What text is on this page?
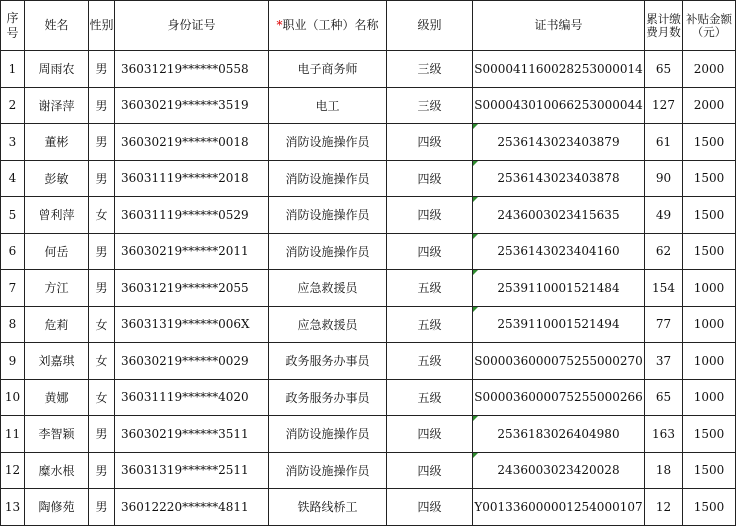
序号	姓名	性别	身份证号	*职业（工种）名称	级别	证书编号	累计缴费月数	补贴金额（元）
1	周雨农	男	36031219******0558	电子商务师	三级	S000041160028253000014	65	2000
2	谢泽萍	男	36030219******3519	电工	三级	S000043010066253000044	127	2000
3	董彬	男	36030219******0018	消防设施操作员	四级	2536143023403879	61	1500
4	彭敏	男	36031119******2018	消防设施操作员	四级	2536143023403878	90	1500
5	曾利萍	女	36031119******0529	消防设施操作员	四级	2436003023415635	49	1500
6	何岳	男	36030219******2011	消防设施操作员	四级	2536143023404160	62	1500
7	方江	男	36031219******2055	应急救援员	五级	2539110001521484	154	1000
8	危莉	女	36031319******006X	应急救援员	五级	2539110001521494	77	1000
9	刘嘉琪	女	36030219******0029	政务服务办事员	五级	S000036000075255000270	37	1000
10	黄娜	女	36031119******4020	政务服务办事员	五级	S000036000075255000266	65	1000
11	李智颖	男	36030219******3511	消防设施操作员	四级	2536183026404980	163	1500
12	糜水根	男	36031319******2511	消防设施操作员	四级	2436003023420028	18	1500
13	陶修苑	男	36012220******4811	铁路线桥工	四级	Y001336000001254000107	12	1500
